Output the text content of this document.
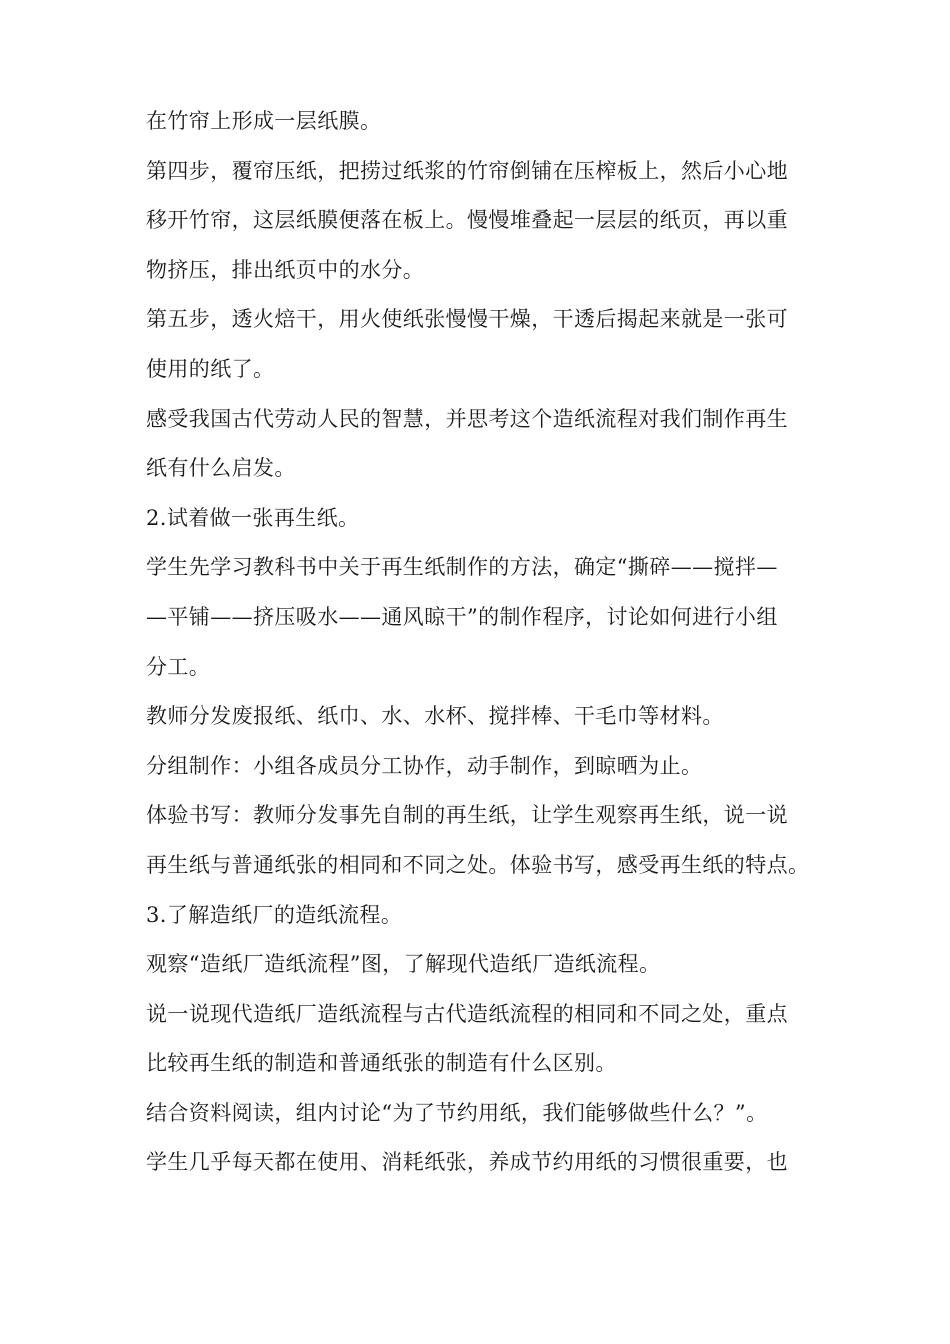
在竹帘上形成一层纸膜。
第四步，覆帘压纸，把捞过纸浆的竹帘倒铺在压榨板上，然后小心地
移开竹帘，这层纸膜便落在板上。慢慢堆叠起一层层的纸页，再以重
物挤压，排出纸页中的水分。
第五步，透火焙干，用火使纸张慢慢干燥，干透后揭起来就是一张可
使用的纸了。
感受我国古代劳动人民的智慧，并思考这个造纸流程对我们制作再生
纸有什么启发。
2.试着做一张再生纸。
学生先学习教科书中关于再生纸制作的方法，确定“撕碎——搅拌—
—平铺——挤压吸水——通风晾干”的制作程序，讨论如何进行小组
分工。
教师分发废报纸、纸巾、水、水杯、搅拌棒、干毛巾等材料。
分组制作：小组各成员分工协作，动手制作，到晾晒为止。
体验书写：教师分发事先自制的再生纸，让学生观察再生纸，说一说
再生纸与普通纸张的相同和不同之处。体验书写，感受再生纸的特点。
3.了解造纸厂的造纸流程。
观察“造纸厂造纸流程”图，了解现代造纸厂造纸流程。
说一说现代造纸厂造纸流程与古代造纸流程的相同和不同之处，重点
比较再生纸的制造和普通纸张的制造有什么区别。
结合资料阅读，组内讨论“为了节约用纸，我们能够做些什么？”。
学生几乎每天都在使用、消耗纸张，养成节约用纸的习惯很重要，也
